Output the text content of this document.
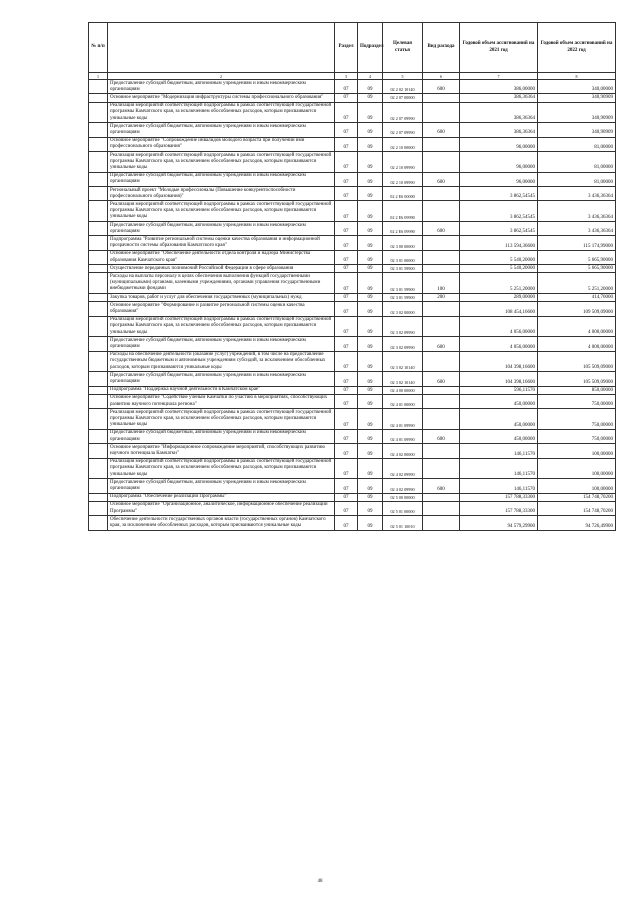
№ п/п		Раздел	Подраздел	Целевая статья	Вид расхода	Годовой объем ассигнований на 2021 год	Годовой объем ассигнований на 2022 год
1	2	3	4	5	6	7	8
	Предоставление субсидий бюджетным, автономным учреждениям и иным некоммерческим организациям	07	09	02 2 02 10140	600	386,00000	340,00000
	Основное мероприятие "Модернизация инфраструктуры системы профессионального образования"	07	09	02 2 07 00000		386,36364	340,90909
	Реализация мероприятий соответствующей подпрограммы в рамках соответствующей государственной программы Камчатского края, за исключением обособленных расходов, которым присваиваются уникальные коды	07	09	02 2 07 09990		386,36364	340,90909
	Предоставление субсидий бюджетным, автономным учреждениям и иным некоммерческим организациям	07	09	02 2 07 09990	600	386,36364	340,90909
	Основное мероприятие "Сопровождение инвалидов молодого возраста при получении ими профессионального образования"	07	09	02 2 10 00000		96,00000	81,00000
	Реализация мероприятий соответствующей подпрограммы в рамках соответствующей государственной программы Камчатского края, за исключением обособленных расходов, которым присваиваются уникальные коды	07	09	02 2 10 09990		96,00000	81,00000
	Предоставление субсидий бюджетным, автономным учреждениям и иным некоммерческим организациям	07	09	02 2 10 09990	600	96,00000	81,00000
	Региональный проект "Молодые профессионалы (Повышение конкурентоспособности профессионального образования)"	07	09	02 2 E6 00000		3 862,54545	3 436,36364
	Реализация мероприятий соответствующей подпрограммы в рамках соответствующей государственной программы Камчатского края, за исключением обособленных расходов, которым присваиваются уникальные коды	07	09	02 2 E6 09990		3 862,54545	3 436,36364
	Предоставление субсидий бюджетным, автономным учреждениям и иным некоммерческим организациям	07	09	02 2 E6 09990	600	3 862,54545	3 436,36364
	Подпрограмма "Развитие региональной системы оценки качества образования и информационной прозрачности системы образования Камчатского края"	07	09	02 3 00 00000		113 594,36600	115 174,99000
	Основное мероприятие "Обеспечение деятельности отдела контроля и надзора Министерства образования Камчатского края"	07	09	02 3 01 00000		5 540,20000	5 665,90000
	Осуществление переданных полномочий Российской Федерации в сфере образования	07	09	02 3 01 59900		5 540,20000	5 665,90000
	Расходы на выплаты персоналу в целях обеспечения выполнения функций государственными (муниципальными) органами, казенными учреждениями, органами управления государственными внебюджетными фондами	07	09	02 3 01 59900	100	5 251,20000	5 251,20000
	Закупка товаров, работ и услуг для обеспечения государственных (муниципальных) нужд	07	09	02 3 01 59900	200	289,00000	414,70000
	Основное мероприятие "Формирование и развитие региональной системы оценки качества образования"	07	09	02 3 02 00000		108 454,16600	109 509,09000
	Реализация мероприятий соответствующей подпрограммы в рамках соответствующей государственной программы Камчатского края, за исключением обособленных расходов, которым присваиваются уникальные коды	07	09	02 3 02 09990		4 056,00000	4 000,00000
	Предоставление субсидий бюджетным, автономным учреждениям и иным некоммерческим организациям	07	09	02 3 02 09990	600	4 056,00000	4 000,00000
	Расходы на обеспечение деятельности (оказание услуг) учреждений, в том числе на предоставление государственным бюджетным и автономным учреждениям субсидий, за исключением обособленных расходов, которым присваиваются уникальные коды	07	09	02 3 02 10140		104 398,16600	105 509,09000
	Предоставление субсидий бюджетным, автономным учреждениям и иным некоммерческим организациям	07	09	02 3 02 10140	600	104 398,16600	105 509,09000
	Подпрограмма "Поддержка научной деятельности в Камчатском крае"	07	09	02 4 00 00000		596,11570	850,00000
	Основное мероприятие "Содействие ученым Камчатки по участию в мероприятиях, способствующих развитию научного потенциала региона"	07	09	02 4 01 00000		450,00000	750,00000
	Реализация мероприятий соответствующей подпрограммы в рамках соответствующей государственной программы Камчатского края, за исключением обособленных расходов, которым присваиваются уникальные коды	07	09	02 4 01 09990		450,00000	750,00000
	Предоставление субсидий бюджетным, автономным учреждениям и иным некоммерческим организациям	07	09	02 4 01 09990	600	450,00000	750,00000
	Основное мероприятие "Информационное сопровождение мероприятий, способствующих развитию научного потенциала Камчатки"	07	09	02 4 02 00000		146,11570	100,00000
	Реализация мероприятий соответствующей подпрограммы в рамках соответствующей государственной программы Камчатского края, за исключением обособленных расходов, которым присваиваются уникальные коды	07	09	02 4 02 09990		146,11570	100,00000
	Предоставление субсидий бюджетным, автономным учреждениям и иным некоммерческим организациям	07	09	02 4 02 09990	600	146,11570	100,00000
	Подпрограмма "Обеспечение реализации Программы"	07	09	02 5 00 00000		157 788,33300	154 748,70200
	Основное мероприятие "Организационное, аналитическое, информационное обеспечение реализации Программы"	07	09	02 5 01 00000		157 788,33300	154 748,70200
	Обеспечение деятельности государственных органов власти (государственных органов) Камчатского края, за исключением обособленных расходов, которым присваиваются уникальные коды	07	09	02 5 01 10010		94 579,29900	94 726,49900
48
